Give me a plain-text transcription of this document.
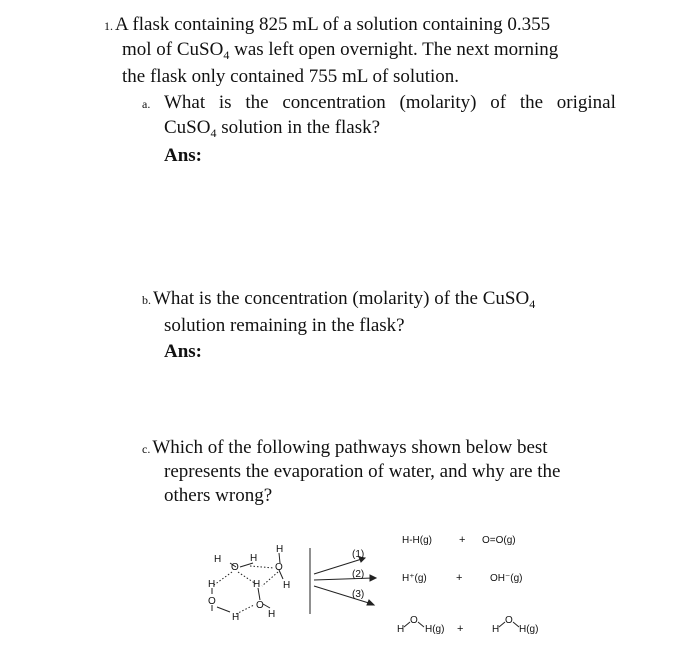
1. A flask containing 825 mL of a solution containing 0.355
mol of CuSO$_4$ was left open overnight. The next morning
the flask only contained 755 mL of solution.
a. What is the concentration (molarity) of the original
CuSO$_4$ solution in the flask?
Ans:
b. What is the concentration (molarity) of the CuSO$_4$
solution remaining in the flask?
Ans:
c. Which of the following pathways shown below best
represents the evaporation of water, and why are the
others wrong?
H
O
H
H
O
H
H
O
H
O
H	H
(1)
(2)
(3)
H-H(g) + O=O(g)
H⁺(g)	+	OH⁻(g)
H
O
H(g) +	H
O
H(g)
